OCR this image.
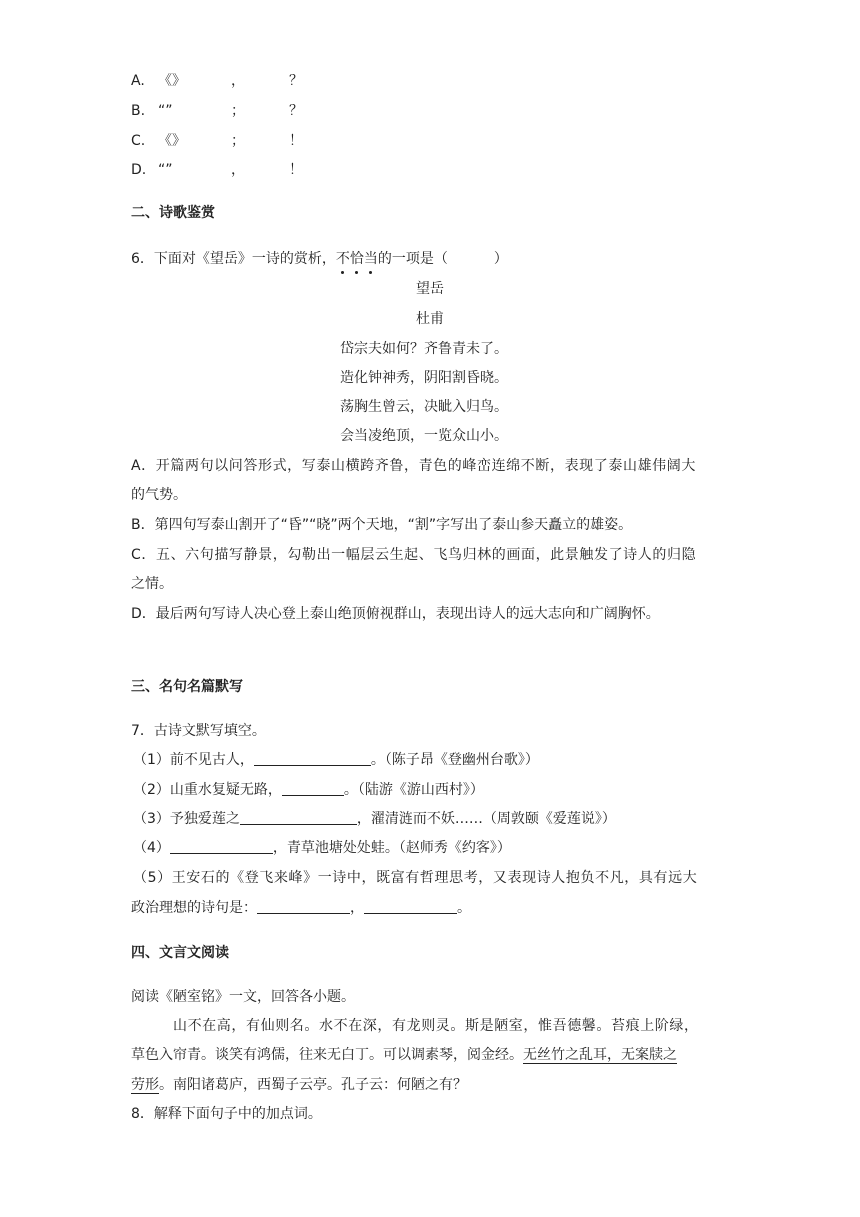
A. 《》	，	？
B. “”	；	？
C. 《》	；	！
D. “”	，	！
二、诗歌鉴赏
6．下面对《望岳》一诗的赏析，不恰当的一项是（	）
望岳
杜甫
岱宗夫如何？齐鲁青未了。
造化钟神秀，阴阳割昏晓。
荡胸生曾云，决眦入归鸟。
会当凌绝顶，一览众山小。
A．开篇两句以问答形式，写泰山横跨齐鲁，青色的峰峦连绵不断，表现了泰山雄伟阔大
的气势。
B．第四句写泰山割开了“昏”“晓”两个天地，“割”字写出了泰山参天矗立的雄姿。
C．五、六句描写静景，勾勒出一幅层云生起、飞鸟归林的画面，此景触发了诗人的归隐
之情。
D．最后两句写诗人决心登上泰山绝顶俯视群山，表现出诗人的远大志向和广阔胸怀。
三、名句名篇默写
7．古诗文默写填空。
（1）前不见古人，	。（陈子昂《登幽州台歌》）
（2）山重水复疑无路，	。（陆游《游山西村》）
（3）予独爱莲之	，濯清涟而不妖……（周敦颐《爱莲说》）
（4）	，青草池塘处处蛙。（赵师秀《约客》）
（5）王安石的《登飞来峰》一诗中，既富有哲理思考，又表现诗人抱负不凡，具有远大
政治理想的诗句是：	，	。
四、文言文阅读
阅读《陋室铭》一文，回答各小题。
山不在高，有仙则名。水不在深，有龙则灵。斯是陋室，惟吾德馨。苔痕上阶绿，
草色入帘青。谈笑有鸿儒，往来无白丁。可以调素琴，阅金经。无丝竹之乱耳，无案牍之
劳形。南阳诸葛庐，西蜀子云亭。孔子云：何陋之有？
8．解释下面句子中的加点词。
